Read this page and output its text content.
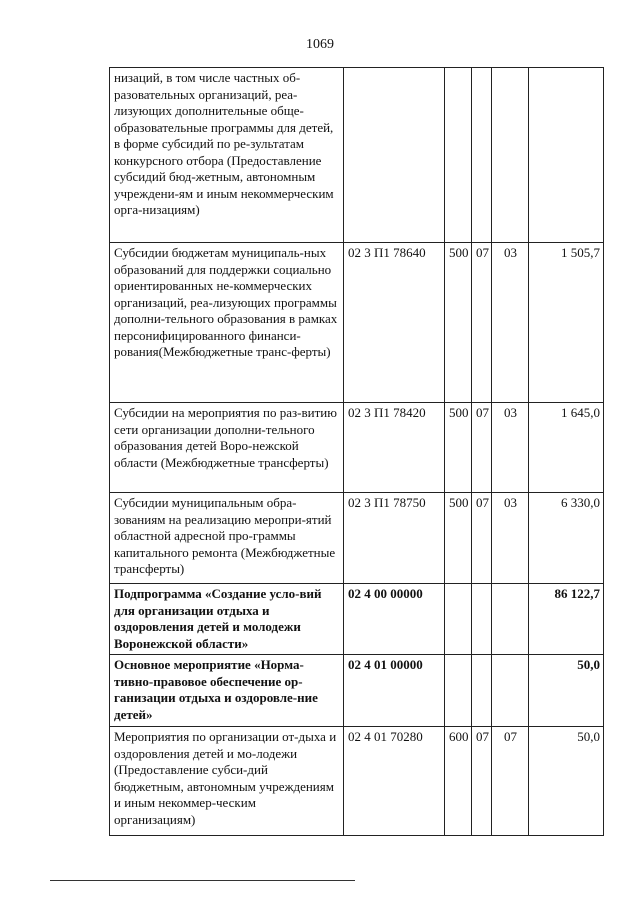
1069
низаций, в том числе частных об-разовательных организаций, реа-лизующих дополнительные обще-образовательные программы для детей, в форме субсидий по ре-зультатам конкурсного отбора (Предоставление субсидий бюд-жетным, автономным учреждени-ям и иным некоммерческим орга-низациям)					
Субсидии бюджетам муниципаль-ных образований для поддержки социально ориентированных не-коммерческих организаций, реа-лизующих программы дополни-тельного образования в рамках персонифицированного финанси-рования(Межбюджетные транс-ферты)	02 3 П1 78640	500	07	03	1 505,7
Субсидии на мероприятия по раз-витию сети организации дополни-тельного образования детей Воро-нежской области (Межбюджетные трансферты)	02 3 П1 78420	500	07	03	1 645,0
Субсидии муниципальным обра-зованиям на реализацию меропри-ятий областной адресной про-граммы капитального ремонта (Межбюджетные трансферты)	02 3 П1 78750	500	07	03	6 330,0
Подпрограмма «Создание усло-вий для организации отдыха и оздоровления детей и молодежи Воронежской области»	02 4 00 00000				86 122,7
Основное мероприятие «Норма-тивно-правовое обеспечение ор-ганизации отдыха и оздоровле-ние детей»	02 4 01 00000				50,0
Мероприятия по организации от-дыха и оздоровления детей и мо-лодежи (Предоставление субси-дий бюджетным, автономным учреждениям и иным некоммер-ческим организациям)	02 4 01 70280	600	07	07	50,0
